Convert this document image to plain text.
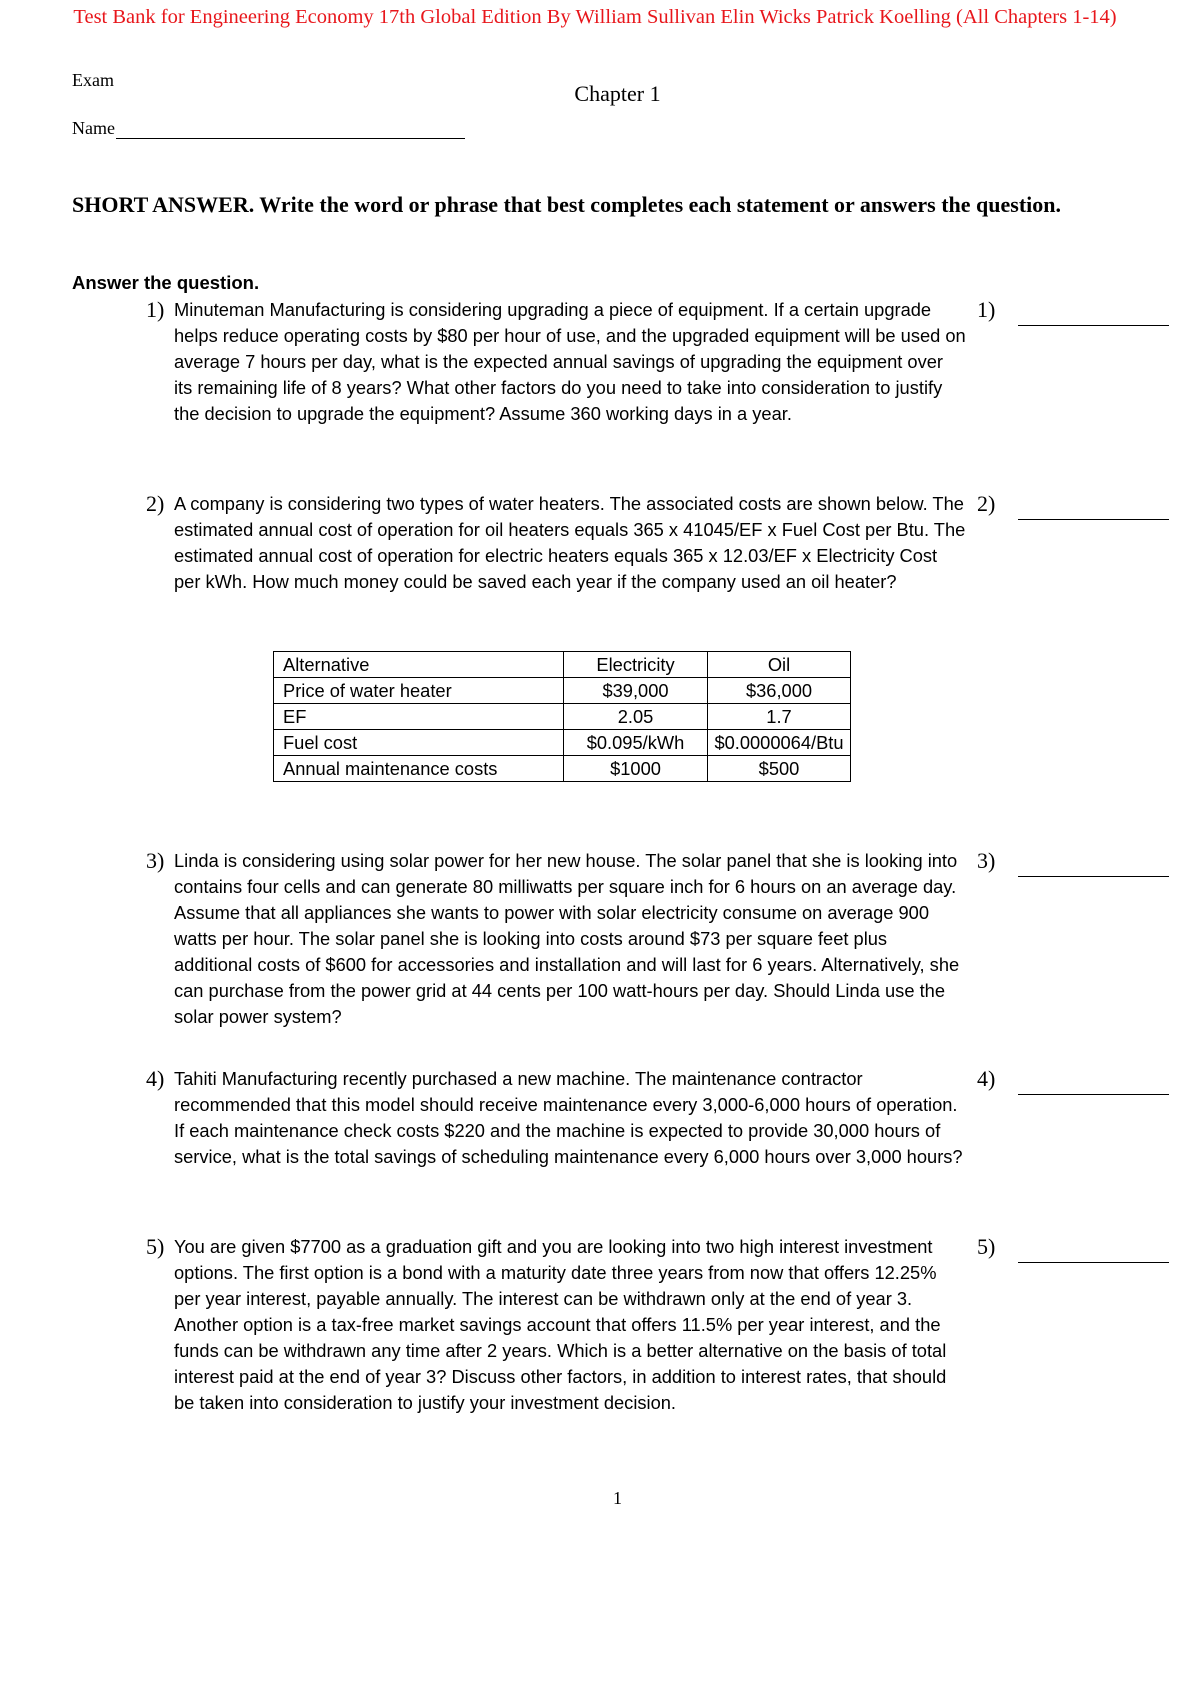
Test Bank for Engineering Economy 17th Global Edition By William Sullivan Elin Wicks Patrick Koelling (All Chapters 1-14)
Exam
Chapter 1
Name
SHORT ANSWER. Write the word or phrase that best completes each statement or answers the question.
Answer the question.
1) Minuteman Manufacturing is considering upgrading a piece of equipment. If a certain upgrade helps reduce operating costs by $80 per hour of use, and the upgraded equipment will be used on average 7 hours per day, what is the expected annual savings of upgrading the equipment over its remaining life of 8 years? What other factors do you need to take into consideration to justify the decision to upgrade the equipment? Assume 360 working days in a year.
1)
2) A company is considering two types of water heaters. The associated costs are shown below. The estimated annual cost of operation for oil heaters equals 365 x 41045/EF x Fuel Cost per Btu. The estimated annual cost of operation for electric heaters equals 365 x 12.03/EF x Electricity Cost per kWh. How much money could be saved each year if the company used an oil heater?
2)
Alternative	Electricity	Oil
Price of water heater	$39,000	$36,000
EF	2.05	1.7
Fuel cost	$0.095/kWh	$0.0000064/Btu
Annual maintenance costs	$1000	$500
3) Linda is considering using solar power for her new house. The solar panel that she is looking into contains four cells and can generate 80 milliwatts per square inch for 6 hours on an average day. Assume that all appliances she wants to power with solar electricity consume on average 900 watts per hour. The solar panel she is looking into costs around $73 per square feet plus additional costs of $600 for accessories and installation and will last for 6 years. Alternatively, she can purchase from the power grid at 44 cents per 100 watt-hours per day. Should Linda use the solar power system?
3)
4) Tahiti Manufacturing recently purchased a new machine. The maintenance contractor recommended that this model should receive maintenance every 3,000-6,000 hours of operation. If each maintenance check costs $220 and the machine is expected to provide 30,000 hours of service, what is the total savings of scheduling maintenance every 6,000 hours over 3,000 hours?
4)
5) You are given $7700 as a graduation gift and you are looking into two high interest investment options. The first option is a bond with a maturity date three years from now that offers 12.25% per year interest, payable annually. The interest can be withdrawn only at the end of year 3. Another option is a tax-free market savings account that offers 11.5% per year interest, and the funds can be withdrawn any time after 2 years. Which is a better alternative on the basis of total interest paid at the end of year 3? Discuss other factors, in addition to interest rates, that should be taken into consideration to justify your investment decision.
5)
1
